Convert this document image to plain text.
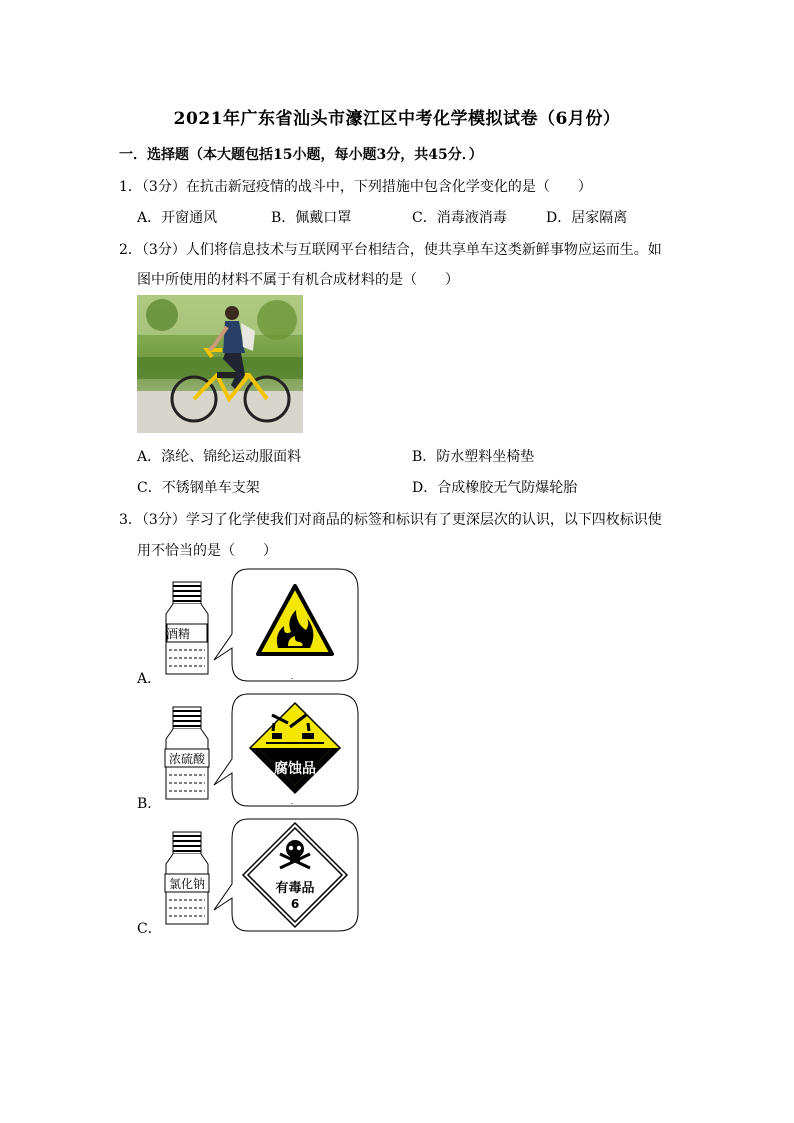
2021年广东省汕头市濠江区中考化学模拟试卷（6月份）
一．选择题（本大题包括15小题，每小题3分，共45分．）
1．（3分）在抗击新冠疫情的战斗中，下列措施中包含化学变化的是（　　）
A．开窗通风	B．佩戴口罩	C．消毒液消毒	D．居家隔离
2．（3分）人们将信息技术与互联网平台相结合，使共享单车这类新鲜事物应运而生。如
图中所使用的材料不属于有机合成材料的是（　　）
A．涤纶、锦纶运动服面料	B．防水塑料坐椅垫
C．不锈钢单车支架	D．合成橡胶无气防爆轮胎
3．（3分）学习了化学使我们对商品的标签和标识有了更深层次的认识，以下四枚标识使
用不恰当的是（　　）
-
酒精
A．
腐蚀品
-
浓硫酸
B．
有毒品
6
氯化钠
C．
